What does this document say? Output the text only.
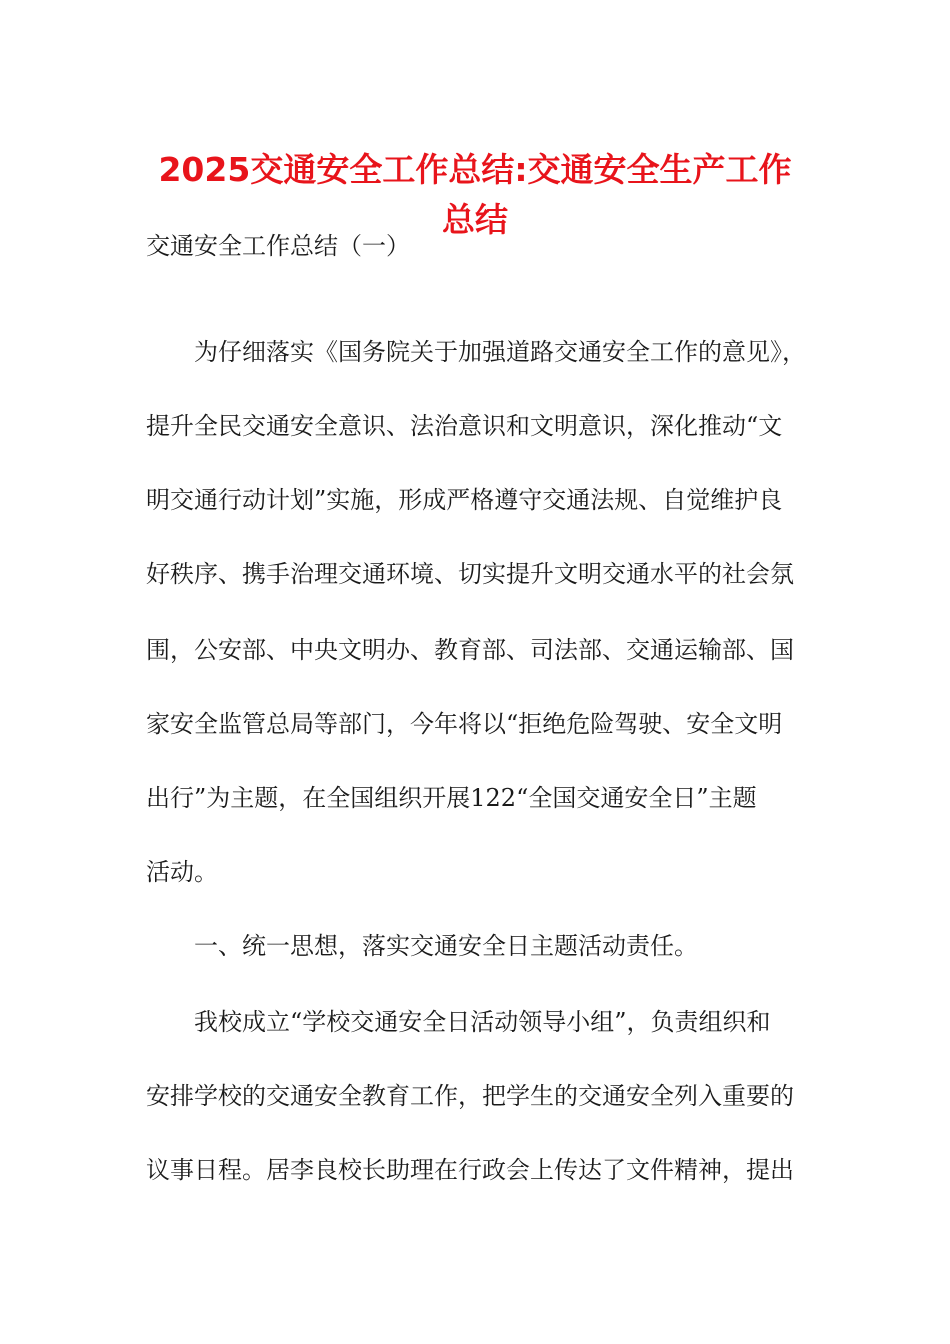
2025交通安全工作总结:交通安全生产工作
总结
交通安全工作总结（一）
为仔细落实《国务院关于加强道路交通安全工作的意见》，
提升全民交通安全意识、法治意识和文明意识，深化推动“文
明交通行动计划”实施，形成严格遵守交通法规、自觉维护良
好秩序、携手治理交通环境、切实提升文明交通水平的社会氛
围，公安部、中央文明办、教育部、司法部、交通运输部、国
家安全监管总局等部门，今年将以“拒绝危险驾驶、安全文明
出行”为主题，在全国组织开展122“全国交通安全日”主题
活动。
一、统一思想，落实交通安全日主题活动责任。
我校成立“学校交通安全日活动领导小组”，负责组织和
安排学校的交通安全教育工作，把学生的交通安全列入重要的
议事日程。居李良校长助理在行政会上传达了文件精神，提出
